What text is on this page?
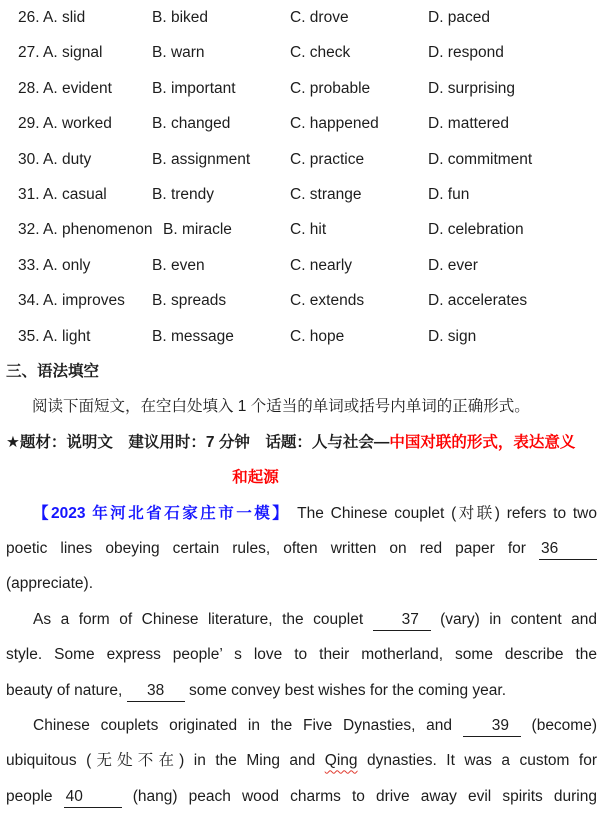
26. A. slid	B. biked	C. drove	D. paced
27. A. signal	B. warn	C. check	D. respond
28. A. evident	B. important	C. probable	D. surprising
29. A. worked	B. changed	C. happened	D. mattered
30. A. duty	B. assignment	C. practice	D. commitment
31. A. casual	B. trendy	C. strange	D. fun
32. A. phenomenon B. miracle	C. hit	D. celebration
33. A. only	B. even	C. nearly	D. ever
34. A. improves B. spreads	C. extends	D. accelerates
35. A. light	B. message	C. hope	D. sign
三、语法填空
阅读下面短文，在空白处填入 1 个适当的单词或括号内单词的正确形式。
★题材：说明文　建议用时：7 分钟　话题：人与社会—中国对联的形式，表达意义
和起源
【2023 年河北省石家庄市一模】 The Chinese couplet (对联) refers to two
poetic lines obeying certain rules, often written on red paper for 36
(appreciate).
As a form of Chinese literature, the couplet 37 (vary) in content and
style. Some express people’ s love to their motherland, some describe the
beauty of nature, 38 some convey best wishes for the coming year.
Chinese couplets originated in the Five Dynasties, and	39 (become)
ubiquitous (无处不在) in the Ming and Qing dynasties. It was a custom for
people 40	(hang) peach wood charms to drive away evil spirits during
